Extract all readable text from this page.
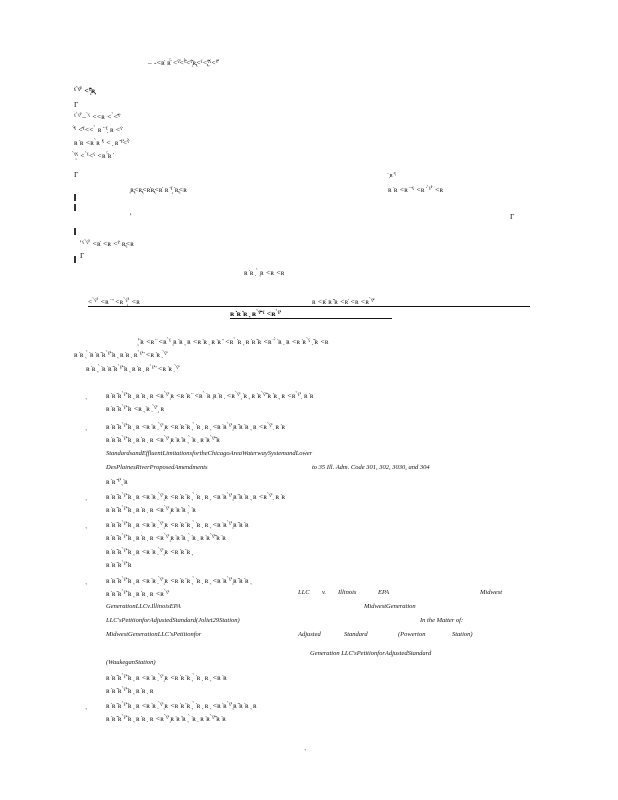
‒ ‑˂ʀ̇ ʀ̈́ ˂ˁ̛˂ˁ̀̂˂ˁ̦̆̇ʀ̢˂ˁ˂̢ˁ̣̇̂ˁ˂ˁ̛̇̇
ˁ ̀ˁ̛ ̀ ˂ˁ̦̆̇ʀ̘
Γ
ˁ ̀ˁ̛ ̀‒ ̀ˁ ˂˂ʀ ˂ ̀˂̂ˁ̇
̛̈́ˁ ˂̂ˁ˂˂ ̀ ʀ ̇ ̈ˁ̣ ʀ ˂ˁ̇
ʀ ̇ʀ ˂ʀ ̀ʀ ̛ˁ ˂ ̣ ʀ ̂ˁ̛˂ˁ̀̇
̀ˁ̦̇ˁ ˂ ̀ˁ˂ˁ ˂ʀ ̈́ʀ ̇
Γ
̘ʀ̢˂ʀ̢˂ʀ̇ʀ̢˂ʀ̇ ʀ ̈ˁ̦ ̇ʀ̢˂ʀ
̛
̛ ˁ ̀ˁ̛ ̀ ˂ʀ̇ ˂ʀ ˂ˁ̇ ʀ̢˂ʀ
Γ
̇ ̣ʀ ̂ˁ
ʀ ̇ʀ ˂ʀ ̇ ̈ˁ ˂ʀ ̇ ̀ˁ̛ ̀ ˂ʀ
Γ
ʀ ̇ʀ ̣ ̀ ̘ʀ ˂ʀ ˂ʀ
˂ ̀ˁ̛ ̀ ˂ʀ ̇ ̈ ˂ʀ ̀ˁ̛̦ ̀ ˂ʀ	ʀ ˂ʀ̇ ʀ ̂ʀ ˂ʀ̇ ˂ʀ ˂ʀ ̀ˁ̛̇
ʀ ̇ʀ ̇ʀ ̘ ʀ ̀ˁ̛̇ ̈ˁ ˂ʀ ̀ˁ̛
̛̦ ̇ʀ ˂ʀ ̈ ˂ʀ ̀ˁ ̦ʀ ̇ʀ ̘ ʀ ˂ʀ ̇ʀ ̣ ʀ ̇ʀ ̈ ˂ʀ ̀ ̇ʀ ̘ ʀ ̇ʀ ̂ʀ ˂ʀ ̈ ̀ ̇ʀ ̣ ʀ ˂ʀ ̇ʀ ̀ˁ ̣ ̂ʀ ˂ʀ
ʀ ̇ʀ ̘ ̀ ̇ʀ ̇ʀ ̂ʀ ̀ˁ̛ ̈ʀ ̘ ʀ ̇ʀ ̣ ʀ ̀ˁ̛ ̈ ˂ʀ ̇ʀ ̣ ̀ˁ̛
ʀ ̇ʀ ̘ ̀ ̇ʀ ̇ʀ ̂ʀ ̀ˁ̛ ̈ʀ ̘ ʀ ̇ʀ ̣ ʀ ̀ˁ̛ ̈ ˂ʀ ̇ʀ ̣ ̀ˁ̛
ʀ ̇ʀ ̂ʀ ̀ˁ̛ ̈ʀ ̘ ʀ ̇ʀ ̣ ʀ ˂ʀ ̀ˁ̛ ̦ʀ ˂ʀ ̇ʀ ̈ ˂ʀ ̀ ̇ʀ ̘ʀ ̇ʀ ̣ ˂ʀ ̀ˁ̛ ̦ ̇ʀ ̘ ʀ ̇ʀ ̀ˁ̛ ̂ʀ ̇ʀ ̘ ʀ ˂ʀ ̀ˁ̛ ̣ ʀ ̇ʀ
ʀ ̇ʀ ̂ʀ ̀ˁ̛ ̈ʀ ˂ʀ ̘ ̇ʀ ̣ ̀ˁ̛ ̦ ʀ
ʀ ̇ʀ ̂ʀ ̀ˁ̛ ̈ʀ ̘ ʀ ˂ʀ ̇ʀ ̣ ̀ˁ̛ ̦ʀ ˂ʀ ̇ʀ ̈ʀ ̘ ̀ ̇ʀ ̣ ʀ ̘ ˂ʀ ̇ʀ ̀ˁ̛ ̦ʀ ̂ʀ ̇ʀ ̘ ʀ ˂ʀ ̀ˁ̛ ̣ ʀ ̇ʀ
ʀ ̇ʀ ̂ʀ ̀ˁ̛ ̈ʀ ̘ ʀ ̇ʀ ̣ ʀ ˂ʀ ̀ˁ̛ ̦ʀ ̇ʀ ̈ʀ ̘ ̀ ̇ʀ ̣ ʀ ̇ʀ ̀ˁ̛ ̂ʀ
StandardsandEffluentLimitationsfortheChicagoAreaWaterwaySystemandLower
DesPlainesRiverProposedAmendments	to 35 Ill. Adm. Code 301, 302, 3030, and 304
ʀ ̇ʀ ̂ˁ̛ ̘ ̇ʀ
ʀ ̇ʀ ̂ʀ ̀ˁ̛ ̈ʀ ̘ ʀ ˂ʀ ̇ʀ ̣ ̀ˁ̛ ̦ʀ ˂ʀ ̇ʀ ̈ʀ ̘ ̀ ̇ʀ ̣ ʀ ̘ ˂ʀ ̇ʀ ̀ˁ̛ ̦ʀ ̂ʀ ̇ʀ ̘ ʀ ˂ʀ ̀ˁ̛ ̣ ʀ ̇ʀ
ʀ ̇ʀ ̂ʀ ̀ˁ̛ ̈ʀ ̘ ʀ ̇ʀ ̣ ʀ ˂ʀ ̀ˁ̛ ̦ʀ ̇ʀ ̈ʀ ̘ ̀ ̇ʀ
ʀ ̇ʀ ̂ʀ ̀ˁ̛ ̈ʀ ̘ ʀ ˂ʀ ̇ʀ ̣ ̀ˁ̛ ̦ʀ ˂ʀ ̇ʀ ̈ʀ ̘ ̀ ̇ʀ ̣ ʀ ̘ ˂ʀ ̇ʀ ̀ˁ̛ ̦ʀ ̂ʀ ̇ʀ
ʀ ̇ʀ ̂ʀ ̀ˁ̛ ̈ʀ ̘ ʀ ̇ʀ ̣ ʀ ˂ʀ ̀ˁ̛ ̦ʀ ̇ʀ ̈ʀ ̘ ̀ ̇ʀ ̣ ʀ ̇ʀ ̀ˁ̛ ̂ʀ ̇ʀ
ʀ ̇ʀ ̂ʀ ̀ˁ̛ ̈ʀ ̘ ʀ ˂ʀ ̇ʀ ̣ ̀ˁ̛ ̦ʀ ˂ʀ ̇ʀ ̈ʀ ̘
ʀ ̇ʀ ̂ʀ ̀ˁ̛ ̈ʀ
ʀ ̇ʀ ̂ʀ ̀ˁ̛ ̈ʀ ̘ ʀ ˂ʀ ̇ʀ ̣ ̀ˁ̛ ̦ʀ ˂ʀ ̇ʀ ̈ʀ ̘ ̀ ̇ʀ ̣ ʀ ̘ ˂ʀ ̇ʀ ̀ˁ̛ ̦ʀ ̂ʀ ̇ʀ ̘
ʀ ̇ʀ ̂ʀ ̀ˁ̛ ̈ʀ ̘ ʀ ̇ʀ ̣ ʀ ˂ʀ ̀ˁ̛	LLC v. Illinois	EPA	Midwest
GenerationLLCv.IllinoisEPA	MidwestGeneration
LLC'sPetitionforAdjustedStandard(Joliet29Station)	In the Matter of:
MidwestGenerationLLC'sPetitionfor	Adjusted	Standard	(Powerton	Station)
(WaukeganStation)
Generation LLC'sPetitionforAdjustedStandard
ʀ ̇ʀ ̂ʀ ̀ˁ̛ ̈ʀ ̘ ʀ ˂ʀ ̇ʀ ̣ ̀ˁ̛ ̦ʀ ˂ʀ ̇ʀ ̈ʀ ̘ ̀ ̇ʀ ̣ ʀ ̘ ˂ʀ ̇ʀ
ʀ ̇ʀ ̂ʀ ̀ˁ̛ ̈ʀ ̘ ʀ ̇ʀ ̣ ʀ
ʀ ̇ʀ ̂ʀ ̀ˁ̛ ̈ʀ ̘ ʀ ˂ʀ ̇ʀ ̣ ̀ˁ̛ ̦ʀ ˂ʀ ̇ʀ ̈ʀ ̘ ̀ ̇ʀ ̣ ʀ ̘ ˂ʀ ̇ʀ ̀ˁ̛ ̦ʀ ̂ʀ ̇ʀ ̘ ʀ
ʀ ̇ʀ ̂ʀ ̀ˁ̛ ̈ʀ ̘ ʀ ̇ʀ ̣ ʀ ˂ʀ ̀ˁ̛ ̦ʀ ̇ʀ ̈ʀ ̘ ̀ ̇ʀ ̣ ʀ ̇ʀ ̀ˁ̛ ̂ʀ ̇ʀ
̘
